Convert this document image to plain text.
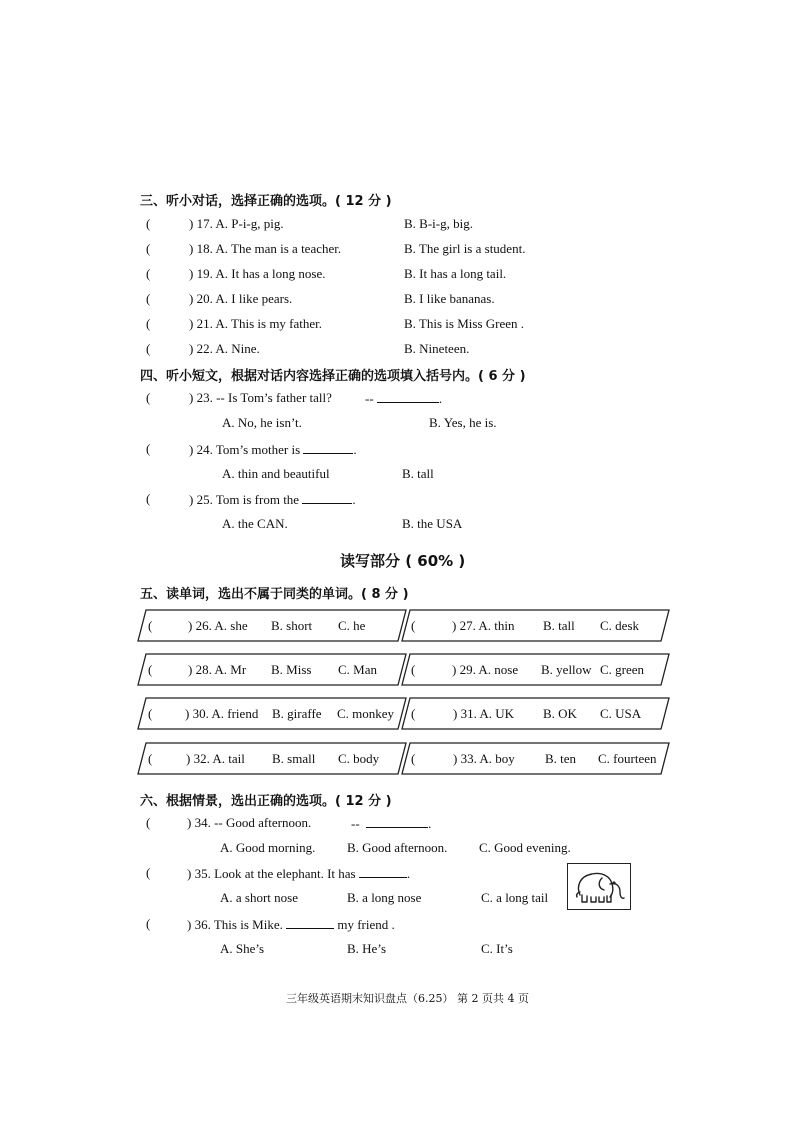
三、听小对话，选择正确的选项。( 12 分 )
(	) 17. A. P-i-g, pig.	B. B-i-g, big.
(	) 18. A. The man is a teacher.	B. The girl is a student.
(	) 19. A. It has a long nose.	B. It has a long tail.
(	) 20. A. I like pears.	B. I like bananas.
(	) 21. A. This is my father.	B. This is Miss Green .
(	) 22. A. Nine.	B. Nineteen.
四、听小短文，根据对话内容选择正确的选项填入括号内。( 6 分 )
(	) 23. -- Is Tom’s father tall?	--	.
A. No, he isn’t.	B. Yes, he is.
(	) 24. Tom’s mother is	.
A. thin and beautiful	B. tall
(	) 25. Tom is from the	.
A. the CAN.	B. the USA
读写部分 ( 60% )
五、读单词，选出不属于同类的单词。( 8 分 )
(	) 26. A. she B. short C. he	(	) 27. A. thin B. tall C. desk
(	) 28. A. Mr B. Miss C. Man	(	) 29. A. nose B. yellow C. green
(	) 30. A. friend B. giraffe C. monkey (	) 31. A. UK B. OK C. USA
(	) 32. A. tail B. small C. body (	) 33. A. boy B. ten C. fourteen
六、根据情景，选出正确的选项。( 12 分 )
(	) 34. -- Good afternoon.	--	.
A. Good morning. B. Good afternoon. C. Good evening.
(	) 35. Look at the elephant. It has	.
A. a short nose	B. a long nose	C. a long tail
(	) 36. This is Mike.	my friend .
A. She’s	B. He’s	C. It’s
三年级英语期末知识盘点（6.25） 第 2 页共 4 页
